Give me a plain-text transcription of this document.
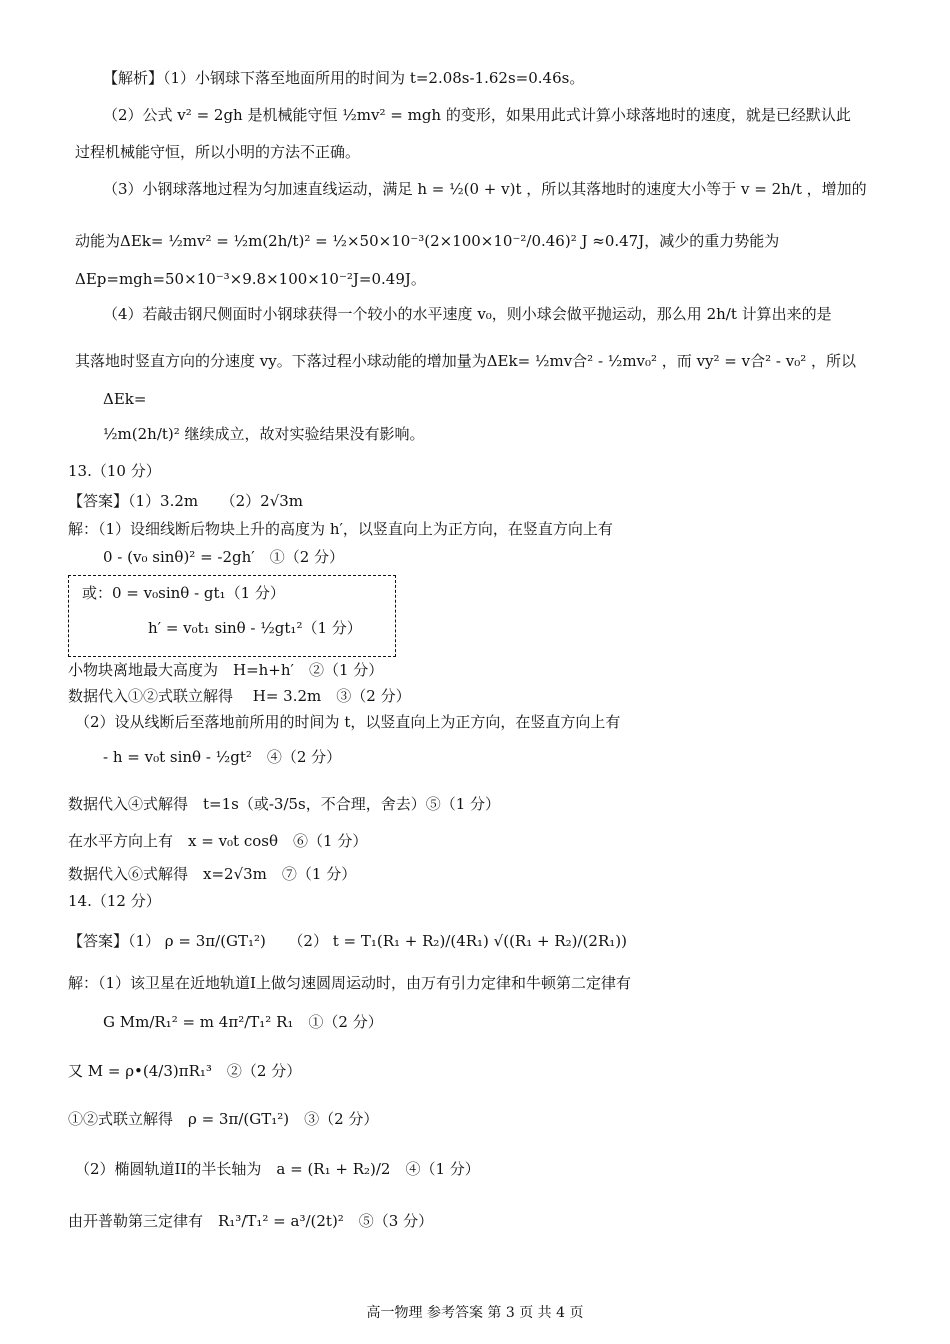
【解析】（1）小钢球下落至地面所用的时间为 t=2.08s-1.62s=0.46s。
（2）公式 v² = 2gh 是机械能守恒 ½mv² = mgh 的变形，如果用此式计算小球落地时的速度，就是已经默认此
过程机械能守恒，所以小明的方法不正确。
（3）小钢球落地过程为匀加速直线运动，满足 h = ½(0 + v)t ，所以其落地时的速度大小等于 v = 2h/t ，增加的
动能为ΔEk= ½mv² = ½m(2h/t)² = ½×50×10⁻³(2×100×10⁻²/0.46)² J ≈0.47J，减少的重力势能为
ΔEp=mgh=50×10⁻³×9.8×100×10⁻²J=0.49J。
（4）若敲击钢尺侧面时小钢球获得一个较小的水平速度 v₀，则小球会做平抛运动，那么用 2h/t 计算出来的是
其落地时竖直方向的分速度 vy。下落过程小球动能的增加量为ΔEk= ½mv合² - ½mv₀² ，而 vy² = v合² - v₀² ，所以
ΔEk=
½m(2h/t)² 继续成立，故对实验结果没有影响。
13.（10 分）
【答案】（1）3.2m　　（2）2√3m
解：（1）设细线断后物块上升的高度为 h′，以竖直向上为正方向，在竖直方向上有
0 - (v₀ sinθ)² = -2gh′　①（2 分）
或：0 = v₀sinθ - gt₁（1 分）
h′ = v₀t₁ sinθ - ½gt₁²（1 分）
小物块离地最大高度为　H=h+h′　②（1 分）
数据代入①②式联立解得　 H= 3.2m　③（2 分）
（2）设从线断后至落地前所用的时间为 t，以竖直向上为正方向，在竖直方向上有
- h = v₀t sinθ - ½gt²　④（2 分）
数据代入④式解得　t=1s（或-3/5s，不合理，舍去）⑤（1 分）
在水平方向上有　x = v₀t cosθ　⑥（1 分）
数据代入⑥式解得　x=2√3m　⑦（1 分）
14.（12 分）
【答案】（1） ρ = 3π/(GT₁²)　　（2） t = T₁(R₁ + R₂)/(4R₁) √((R₁ + R₂)/(2R₁))
解：（1）该卫星在近地轨道I上做匀速圆周运动时，由万有引力定律和牛顿第二定律有
G Mm/R₁² = m 4π²/T₁² R₁　①（2 分）
又 M = ρ•(4/3)πR₁³　②（2 分）
①②式联立解得　ρ = 3π/(GT₁²)　③（2 分）
（2）椭圆轨道II的半长轴为　a = (R₁ + R₂)/2　④（1 分）
由开普勒第三定律有　R₁³/T₁² = a³/(2t)²　⑤（3 分）
高一物理 参考答案 第 3 页 共 4 页
